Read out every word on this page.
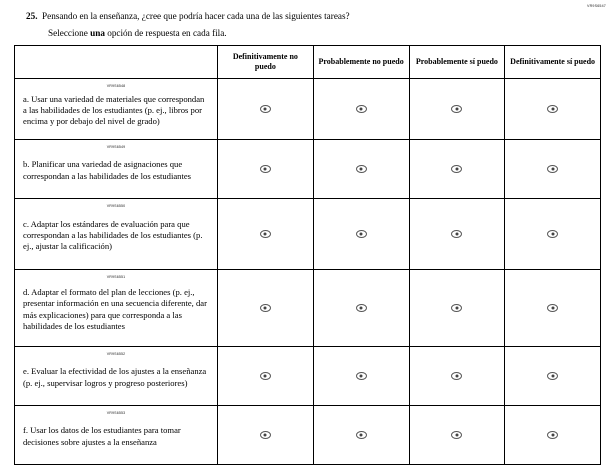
VR9S6547
25. Pensando en la enseñanza, ¿cree que podría hacer cada una de las siguientes tareas?
Seleccione una opción de respuesta en cada fila.
	Definitivamente no puedo	Probablemente no puedo	Probablemente sí puedo	Definitivamente sí puedo

VR9S6548
a. Usar una variedad de materiales que correspondan a las habilidades de los estudiantes (p. ej., libros por encima y por debajo del nivel de grado)				

VR9S6549
b. Planificar una variedad de asignaciones que correspondan a las habilidades de los estudiantes				

VR9S6550
c. Adaptar los estándares de evaluación para que correspondan a las habilidades de los estudiantes (p. ej., ajustar la calificación)				

VR9S6551
d. Adaptar el formato del plan de lecciones (p. ej., presentar información en una secuencia diferente, dar más explicaciones) para que corresponda a las habilidades de los estudiantes				

VR9S6552
e. Evaluar la efectividad de los ajustes a la enseñanza (p. ej., supervisar logros y progreso posteriores)				

VR9S6553
f. Usar los datos de los estudiantes para tomar decisiones sobre ajustes a la enseñanza				
